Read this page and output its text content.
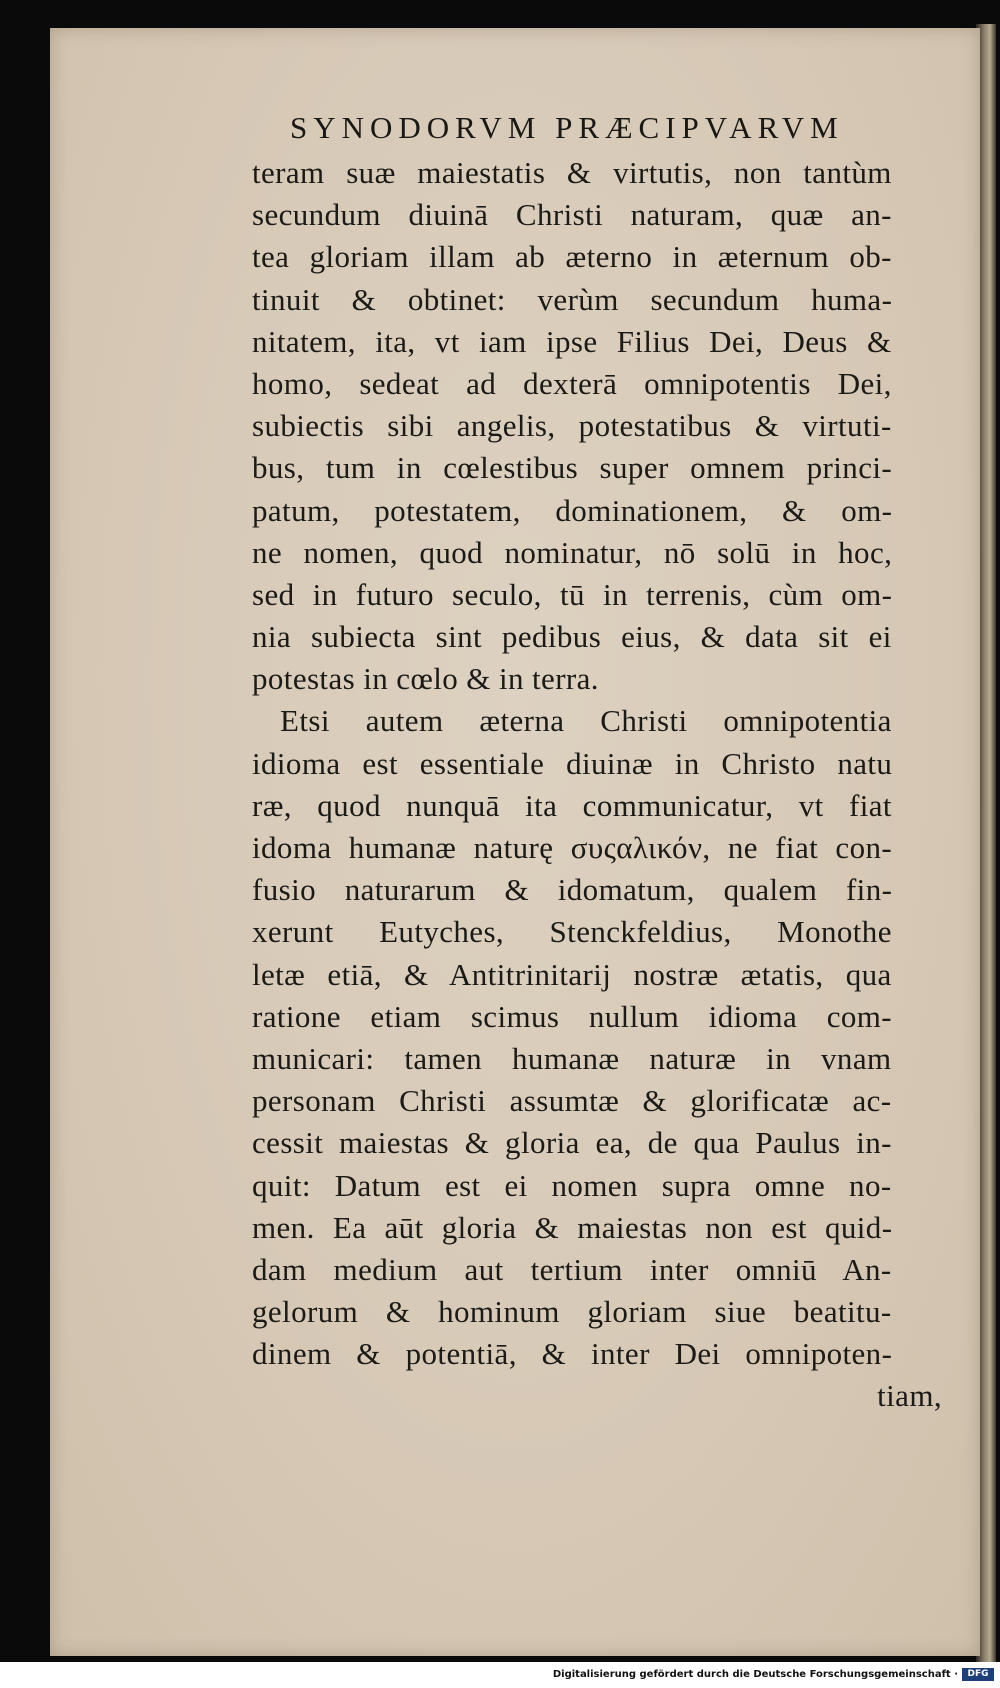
SYNODORVM PRÆCIPVARVM
teram suæ maiestatis & virtutis, non tantùm
secundum diuinā Christi naturam, quæ an-
tea gloriam illam ab æterno in æternum ob-
tinuit & obtinet: verùm secundum huma-
nitatem, ita, vt iam ipse Filius Dei, Deus &
homo, sedeat ad dexterā omnipotentis Dei,
subiectis sibi angelis, potestatibus & virtuti-
bus, tum in cœlestibus super omnem princi-
patum, potestatem, dominationem, & om-
ne nomen, quod nominatur, nō solū in hoc,
sed in futuro seculo, tū in terrenis, cùm om-
nia subiecta sint pedibus eius, & data sit ei
potestas in cœlo & in terra.
Etsi autem æterna Christi omnipotentia
idioma est essentiale diuinæ in Christo natu
ræ, quod nunquā ita communicatur, vt fiat
idoma humanæ naturę συςαλικόν, ne fiat con-
fusio naturarum & idomatum, qualem fin-
xerunt Eutyches, Stenckfeldius, Monothe
letæ etiā, & Antitrinitarij nostræ ætatis, qua
ratione etiam scimus nullum idioma com-
municari: tamen humanæ naturæ in vnam
personam Christi assumtæ & glorificatæ ac-
cessit maiestas & gloria ea, de qua Paulus in-
quit: Datum est ei nomen supra omne no-
men. Ea aūt gloria & maiestas non est quid-
dam medium aut tertium inter omniū An-
gelorum & hominum gloriam siue beatitu-
dinem & potentiā, & inter Dei omnipoten-
tiam,
Digitalisierung gefördert durch die Deutsche Forschungsgemeinschaft ·	DFG
